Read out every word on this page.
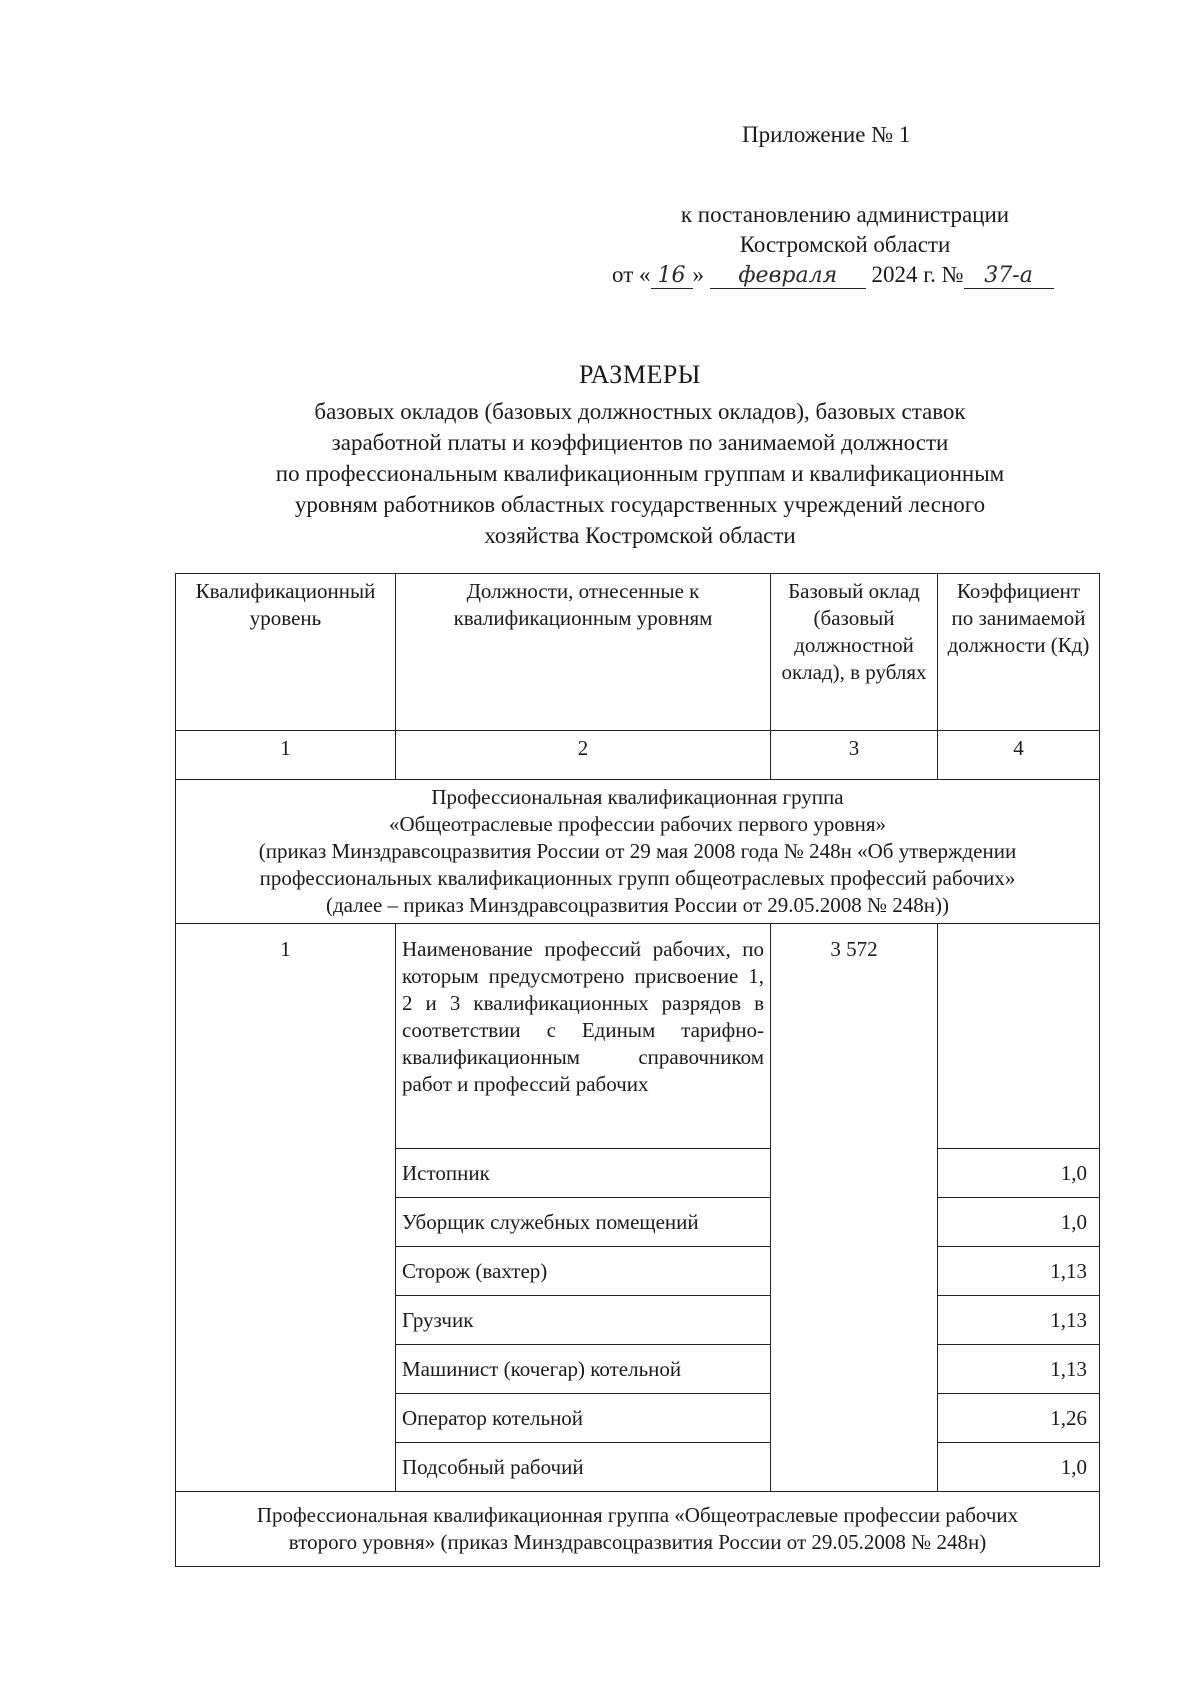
Приложение № 1
к постановлению администрации
Костромской области
от « 16 » февраля 2024 г. № 37-а
РАЗМЕРЫ
базовых окладов (базовых должностных окладов), базовых ставок
заработной платы и коэффициентов по занимаемой должности
по профессиональным квалификационным группам и квалификационным
уровням работников областных государственных учреждений лесного
хозяйства Костромской области
Квалификационный уровень	Должности, отнесенные к квалификационным уровням	Базовый оклад (базовый должностной оклад), в рублях	Коэффициент по занимаемой должности (Кд)
1	2	3	4

Профессиональная квалификационная группа
«Общеотраслевые профессии рабочих первого уровня»
(приказ Минздравсоцразвития России от 29 мая 2008 года № 248н «Об утверждении
профессиональных квалификационных групп общеотраслевых профессий рабочих»
(далее – приказ Минздравсоцразвития России от 29.05.2008 № 248н))			

1	Наименование профессий рабочих, по которым предусмотрено присвоение 1, 2 и 3 квалификационных разрядов в соответствии с Единым тарифно-квалификационным справочником работ и профессий рабочих	3 572	
	Истопник		1,0
	Уборщик служебных помещений		1,0
	Сторож (вахтер)		1,13
	Грузчик		1,13
	Машинист (кочегар) котельной		1,13
	Оператор котельной		1,26
	Подсобный рабочий		1,0

Профессиональная квалификационная группа «Общеотраслевые профессии рабочих
второго уровня» (приказ Минздравсоцразвития России от 29.05.2008 № 248н)			
